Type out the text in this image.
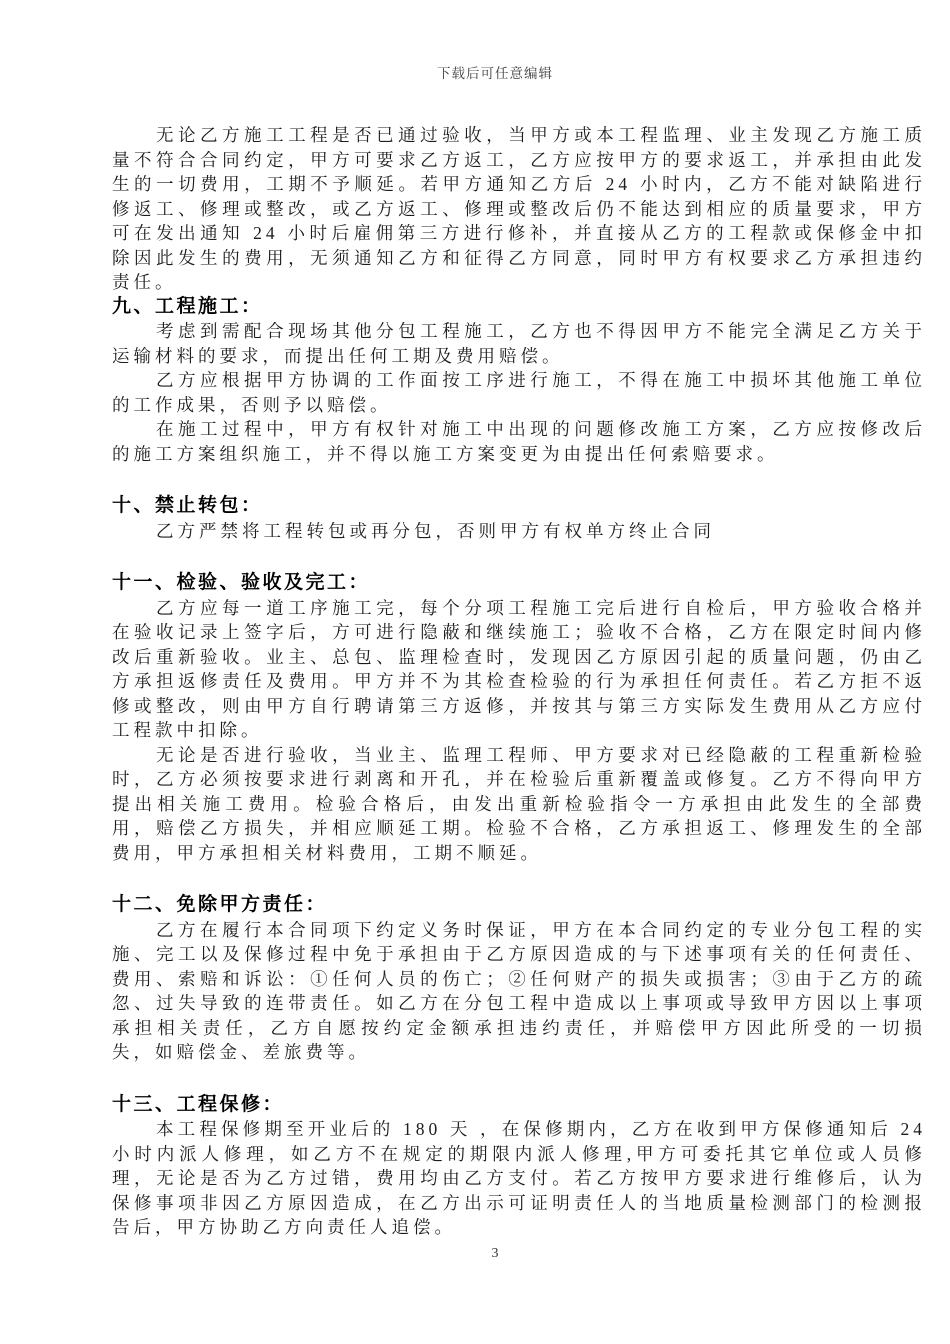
下载后可任意编辑

无论乙方施工工程是否已通过验收，当甲方或本工程监理、业主发现乙方施工质量不符合合同约定，甲方可要求乙方返工，乙方应按甲方的要求返工，并承担由此发生的一切费用，工期不予顺延。若甲方通知乙方后 24 小时内，乙方不能对缺陷进行修返工、修理或整改，或乙方返工、修理或整改后仍不能达到相应的质量要求，甲方可在发出通知 24 小时后雇佣第三方进行修补，并直接从乙方的工程款或保修金中扣除因此发生的费用，无须通知乙方和征得乙方同意，同时甲方有权要求乙方承担违约责任。

九、工程施工：

考虑到需配合现场其他分包工程施工，乙方也不得因甲方不能完全满足乙方关于运输材料的要求，而提出任何工期及费用赔偿。

乙方应根据甲方协调的工作面按工序进行施工，不得在施工中损坏其他施工单位的工作成果，否则予以赔偿。

在施工过程中，甲方有权针对施工中出现的问题修改施工方案，乙方应按修改后的施工方案组织施工，并不得以施工方案变更为由提出任何索赔要求。

十、禁止转包：

乙方严禁将工程转包或再分包，否则甲方有权单方终止合同

十一、检验、验收及完工：

乙方应每一道工序施工完，每个分项工程施工完后进行自检后，甲方验收合格并在验收记录上签字后，方可进行隐蔽和继续施工；验收不合格，乙方在限定时间内修改后重新验收。业主、总包、监理检查时，发现因乙方原因引起的质量问题，仍由乙方承担返修责任及费用。甲方并不为其检查检验的行为承担任何责任。若乙方拒不返修或整改，则由甲方自行聘请第三方返修，并按其与第三方实际发生费用从乙方应付工程款中扣除。

无论是否进行验收，当业主、监理工程师、甲方要求对已经隐蔽的工程重新检验时，乙方必须按要求进行剥离和开孔，并在检验后重新覆盖或修复。乙方不得向甲方提出相关施工费用。检验合格后，由发出重新检验指令一方承担由此发生的全部费用，赔偿乙方损失，并相应顺延工期。检验不合格，乙方承担返工、修理发生的全部费用，甲方承担相关材料费用，工期不顺延。

十二、免除甲方责任：

乙方在履行本合同项下约定义务时保证，甲方在本合同约定的专业分包工程的实施、完工以及保修过程中免于承担由于乙方原因造成的与下述事项有关的任何责任、费用、索赔和诉讼：①任何人员的伤亡；②任何财产的损失或损害；③由于乙方的疏忽、过失导致的连带责任。如乙方在分包工程中造成以上事项或导致甲方因以上事项承担相关责任，乙方自愿按约定金额承担违约责任，并赔偿甲方因此所受的一切损失，如赔偿金、差旅费等。

十三、工程保修：

本工程保修期至开业后的 180 天 ，在保修期内，乙方在收到甲方保修通知后 24 小时内派人修理，如乙方不在规定的期限内派人修理,甲方可委托其它单位或人员修理，无论是否为乙方过错，费用均由乙方支付。若乙方按甲方要求进行维修后，认为保修事项非因乙方原因造成，在乙方出示可证明责任人的当地质量检测部门的检测报告后，甲方协助乙方向责任人追偿。

3
